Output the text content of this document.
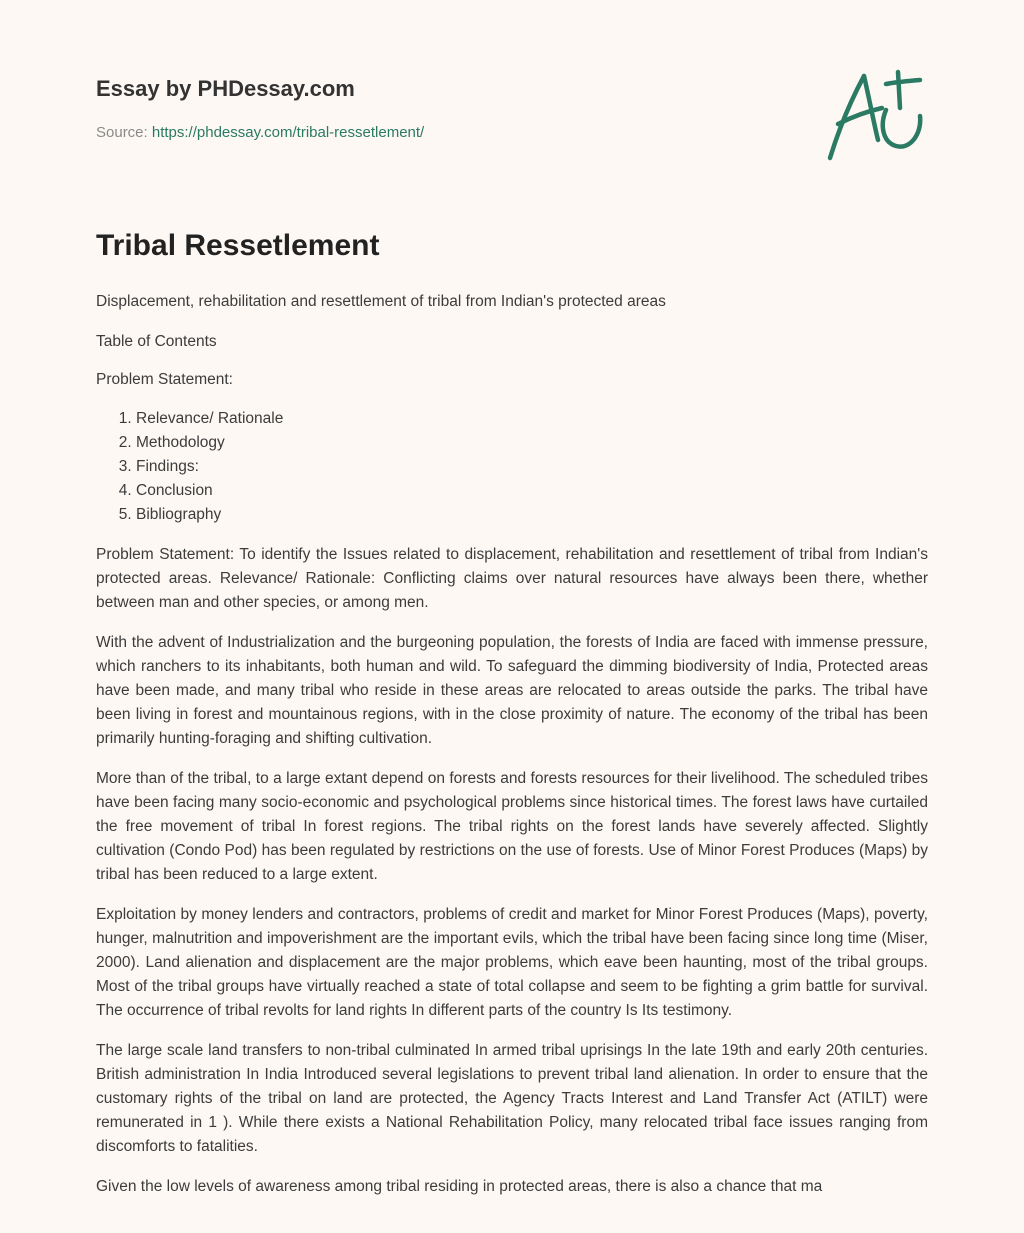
Essay by PHDessay.com

Source: https://phdessay.com/tribal-ressetlement/

Tribal Ressetlement

Displacement, rehabilitation and resettlement of tribal from Indian's protected areas

Table of Contents

Problem Statement:

1. Relevance/ Rationale
2. Methodology
3. Findings:
4. Conclusion
5. Bibliography

Problem Statement: To identify the Issues related to displacement, rehabilitation and resettlement of tribal from Indian's protected areas. Relevance/ Rationale: Conflicting claims over natural resources have always been there, whether between man and other species, or among men.

With the advent of Industrialization and the burgeoning population, the forests of India are faced with immense pressure, which ranchers to its inhabitants, both human and wild. To safeguard the dimming biodiversity of India, Protected areas have been made, and many tribal who reside in these areas are relocated to areas outside the parks. The tribal have been living in forest and mountainous regions, with in the close proximity of nature. The economy of the tribal has been primarily hunting-foraging and shifting cultivation.

More than of the tribal, to a large extant depend on forests and forests resources for their livelihood. The scheduled tribes have been facing many socio-economic and psychological problems since historical times. The forest laws have curtailed the free movement of tribal In forest regions. The tribal rights on the forest lands have severely affected. Slightly cultivation (Condo Pod) has been regulated by restrictions on the use of forests. Use of Minor Forest Produces (Maps) by tribal has been reduced to a large extent.

Exploitation by money lenders and contractors, problems of credit and market for Minor Forest Produces (Maps), poverty, hunger, malnutrition and impoverishment are the important evils, which the tribal have been facing since long time (Miser, 2000). Land alienation and displacement are the major problems, which eave been haunting, most of the tribal groups. Most of the tribal groups have virtually reached a state of total collapse and seem to be fighting a grim battle for survival. The occurrence of tribal revolts for land rights In different parts of the country Is Its testimony.

The large scale land transfers to non-tribal culminated In armed tribal uprisings In the late 19th and early 20th centuries. British administration In India Introduced several legislations to prevent tribal land alienation. In order to ensure that the customary rights of the tribal on land are protected, the Agency Tracts Interest and Land Transfer Act (ATILT) were remunerated in 1 ). While there exists a National Rehabilitation Policy, many relocated tribal face issues ranging from discomforts to fatalities.

Given the low levels of awareness among tribal residing in protected areas, there is also a chance that ma
